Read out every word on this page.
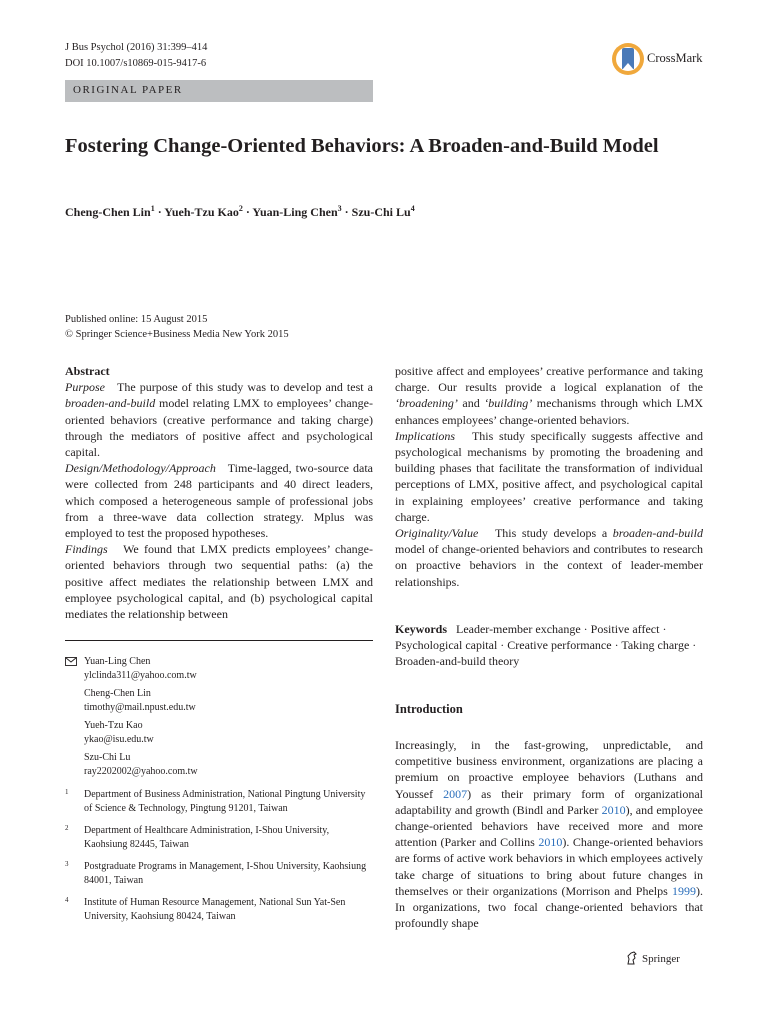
J Bus Psychol (2016) 31:399–414
DOI 10.1007/s10869-015-9417-6
ORIGINAL PAPER
CrossMark
Fostering Change-Oriented Behaviors: A Broaden-and-Build Model
Cheng-Chen Lin$^1$ · Yueh-Tzu Kao$^2$ · Yuan-Ling Chen$^3$ · Szu-Chi Lu$^4$
Published online: 15 August 2015
© Springer Science+Business Media New York 2015

Abstract

Purpose The purpose of this study was to develop and test a broaden-and-build model relating LMX to employees’ change-oriented behaviors (creative performance and taking charge) through the mediators of positive affect and psychological capital.

Design/Methodology/Approach Time-lagged, two-source data were collected from 248 participants and 40 direct leaders, which composed a heterogeneous sample of professional jobs from a three-wave data collection strategy. Mplus was employed to test the proposed hypotheses.

Findings We found that LMX predicts employees’ change-oriented behaviors through two sequential paths: (a) the positive affect mediates the relationship between LMX and employee psychological capital, and (b) psychological capital mediates the relationship between

positive affect and employees’ creative performance and taking charge. Our results provide a logical explanation of the ‘broadening’ and ‘building’ mechanisms through which LMX enhances employees’ change-oriented behaviors.

Implications This study specifically suggests affective and psychological mechanisms by promoting the broadening and building phases that facilitate the transformation of individual perceptions of LMX, positive affect, and psychological capital in explaining employees’ creative performance and taking charge.

Originality/Value This study develops a broaden-and-build model of change-oriented behaviors and contributes to research on proactive behaviors in the context of leader-member relationships.

Keywords Leader-member exchange · Positive affect · Psychological capital · Creative performance · Taking charge · Broaden-and-build theory
Introduction

Increasingly, in the fast-growing, unpredictable, and competitive business environment, organizations are placing a premium on proactive employee behaviors (Luthans and Youssef 2007) as their primary form of organizational adaptability and growth (Bindl and Parker 2010), and employee change-oriented behaviors have received more and more attention (Parker and Collins 2010). Change-oriented behaviors are forms of active work behaviors in which employees actively take charge of situations to bring about future changes in themselves or their organizations (Morrison and Phelps 1999). In organizations, two focal change-oriented behaviors that profoundly shape

Yuan-Ling Chen
ylclinda311@yahoo.com.tw
Cheng-Chen Lin
timothy@mail.npust.edu.tw
Yueh-Tzu Kao
ykao@isu.edu.tw
Szu-Chi Lu
ray2202002@yahoo.com.tw
1 Department of Business Administration, National Pingtung University of Science & Technology, Pingtung 91201, Taiwan
2 Department of Healthcare Administration, I-Shou University, Kaohsiung 82445, Taiwan
3 Postgraduate Programs in Management, I-Shou University, Kaohsiung 84001, Taiwan
4 Institute of Human Resource Management, National Sun Yat-Sen University, Kaohsiung 80424, Taiwan
Springer
